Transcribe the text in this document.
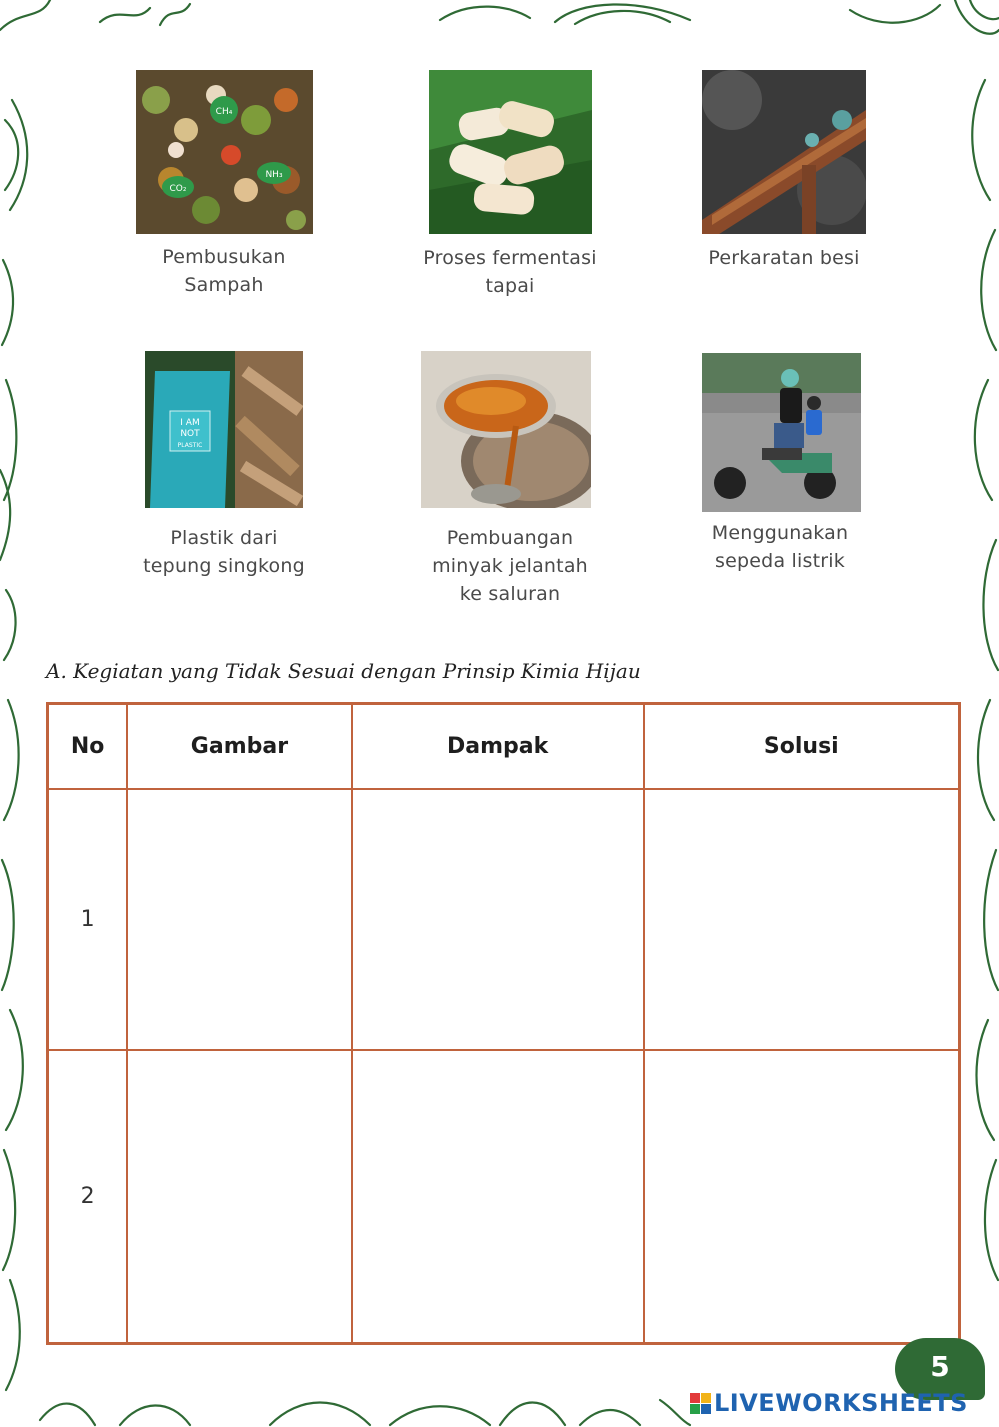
CH₄
NH₃
CO₂
I AM
NOT
PLASTIC
Pembusukan
Sampah
Proses fermentasi
tapai
Perkaratan besi
Plastik dari
tepung singkong
Pembuangan
minyak jelantah
ke saluran
Menggunakan
sepeda listrik
A. Kegiatan yang Tidak Sesuai dengan Prinsip Kimia Hijau
No	Gambar	Dampak	Solusi
1			
2			
5
LIVEWORKSHEETS
